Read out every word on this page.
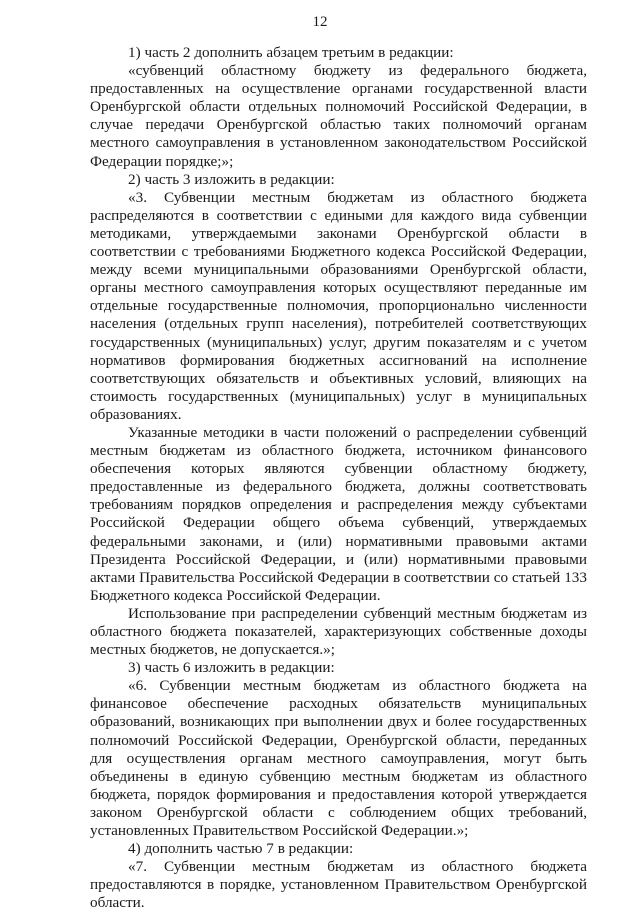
12

1) часть 2 дополнить абзацем третьим в редакции:

«субвенций областному бюджету из федерального бюджета, предоставленных на осуществление органами государственной власти Оренбургской области отдельных полномочий Российской Федерации, в случае передачи Оренбургской областью таких полномочий органам местного самоуправления в установленном законодательством Российской Федерации порядке;»;

2) часть 3 изложить в редакции:

«3. Субвенции местным бюджетам из областного бюджета распределяются в соответствии с едиными для каждого вида субвенции методиками, утверждаемыми законами Оренбургской области в соответствии с требованиями Бюджетного кодекса Российской Федерации, между всеми муниципальными образованиями Оренбургской области, органы местного самоуправления которых осуществляют переданные им отдельные государственные полномочия, пропорционально численности населения (отдельных групп населения), потребителей соответствующих государственных (муниципальных) услуг, другим показателям и с учетом нормативов формирования бюджетных ассигнований на исполнение соответствующих обязательств и объективных условий, влияющих на стоимость государственных (муниципальных) услуг в муниципальных образованиях.

Указанные методики в части положений о распределении субвенций местным бюджетам из областного бюджета, источником финансового обеспечения которых являются субвенции областному бюджету, предоставленные из федерального бюджета, должны соответствовать требованиям порядков определения и распределения между субъектами Российской Федерации общего объема субвенций, утверждаемых федеральными законами, и (или) нормативными правовыми актами Президента Российской Федерации, и (или) нормативными правовыми актами Правительства Российской Федерации в соответствии со статьей 133 Бюджетного кодекса Российской Федерации.

Использование при распределении субвенций местным бюджетам из областного бюджета показателей, характеризующих собственные доходы местных бюджетов, не допускается.»;

3) часть 6 изложить в редакции:

«6. Субвенции местным бюджетам из областного бюджета на финансовое обеспечение расходных обязательств муниципальных образований, возникающих при выполнении двух и более государственных полномочий Российской Федерации, Оренбургской области, переданных для осуществления органам местного самоуправления, могут быть объединены в единую субвенцию местным бюджетам из областного бюджета, порядок формирования и предоставления которой утверждается законом Оренбургской области с соблюдением общих требований, установленных Правительством Российской Федерации.»;

4) дополнить частью 7 в редакции:

«7. Субвенции местным бюджетам из областного бюджета предоставляются в порядке, установленном Правительством Оренбургской области.
